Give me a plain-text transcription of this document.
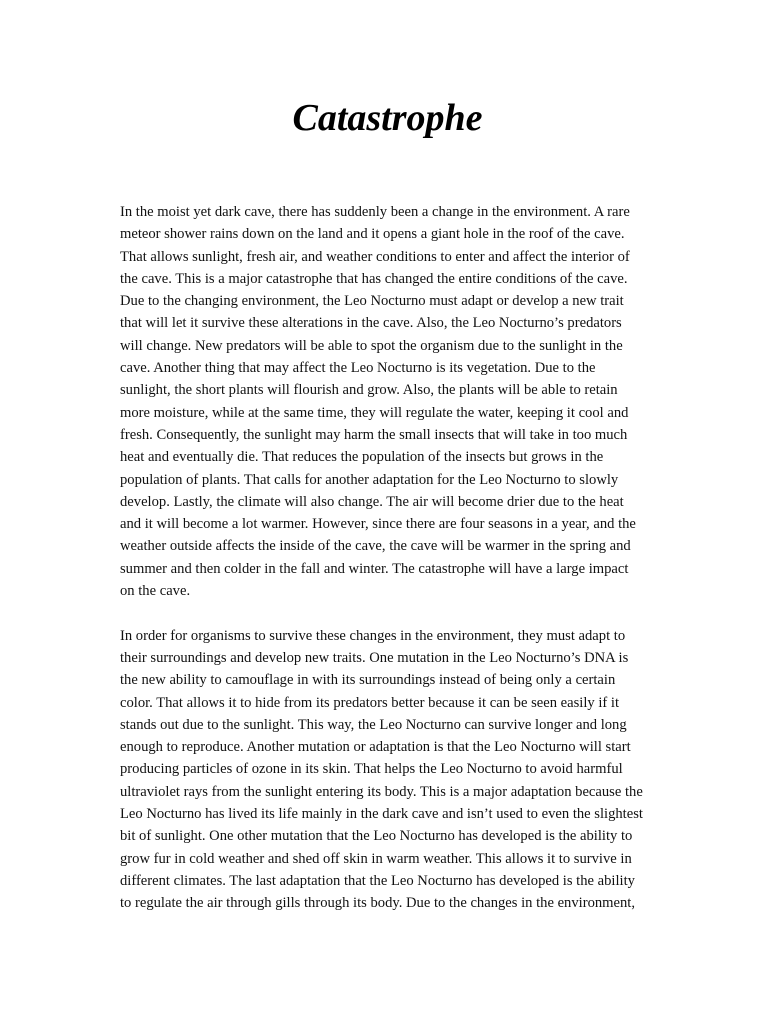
Catastrophe

In the moist yet dark cave, there has suddenly been a change in the environment. A rare
meteor shower rains down on the land and it opens a giant hole in the roof of the cave.
That allows sunlight, fresh air, and weather conditions to enter and affect the interior of
the cave. This is a major catastrophe that has changed the entire conditions of the cave.
Due to the changing environment, the Leo Nocturno must adapt or develop a new trait
that will let it survive these alterations in the cave. Also, the Leo Nocturno’s predators
will change. New predators will be able to spot the organism due to the sunlight in the
cave. Another thing that may affect the Leo Nocturno is its vegetation. Due to the
sunlight, the short plants will flourish and grow. Also, the plants will be able to retain
more moisture, while at the same time, they will regulate the water, keeping it cool and
fresh. Consequently, the sunlight may harm the small insects that will take in too much
heat and eventually die. That reduces the population of the insects but grows in the
population of plants. That calls for another adaptation for the Leo Nocturno to slowly
develop. Lastly, the climate will also change. The air will become drier due to the heat
and it will become a lot warmer. However, since there are four seasons in a year, and the
weather outside affects the inside of the cave, the cave will be warmer in the spring and
summer and then colder in the fall and winter. The catastrophe will have a large impact
on the cave.

In order for organisms to survive these changes in the environment, they must adapt to
their surroundings and develop new traits. One mutation in the Leo Nocturno’s DNA is
the new ability to camouflage in with its surroundings instead of being only a certain
color. That allows it to hide from its predators better because it can be seen easily if it
stands out due to the sunlight. This way, the Leo Nocturno can survive longer and long
enough to reproduce. Another mutation or adaptation is that the Leo Nocturno will start
producing particles of ozone in its skin. That helps the Leo Nocturno to avoid harmful
ultraviolet rays from the sunlight entering its body. This is a major adaptation because the
Leo Nocturno has lived its life mainly in the dark cave and isn’t used to even the slightest
bit of sunlight. One other mutation that the Leo Nocturno has developed is the ability to
grow fur in cold weather and shed off skin in warm weather. This allows it to survive in
different climates. The last adaptation that the Leo Nocturno has developed is the ability
to regulate the air through gills through its body. Due to the changes in the environment,
